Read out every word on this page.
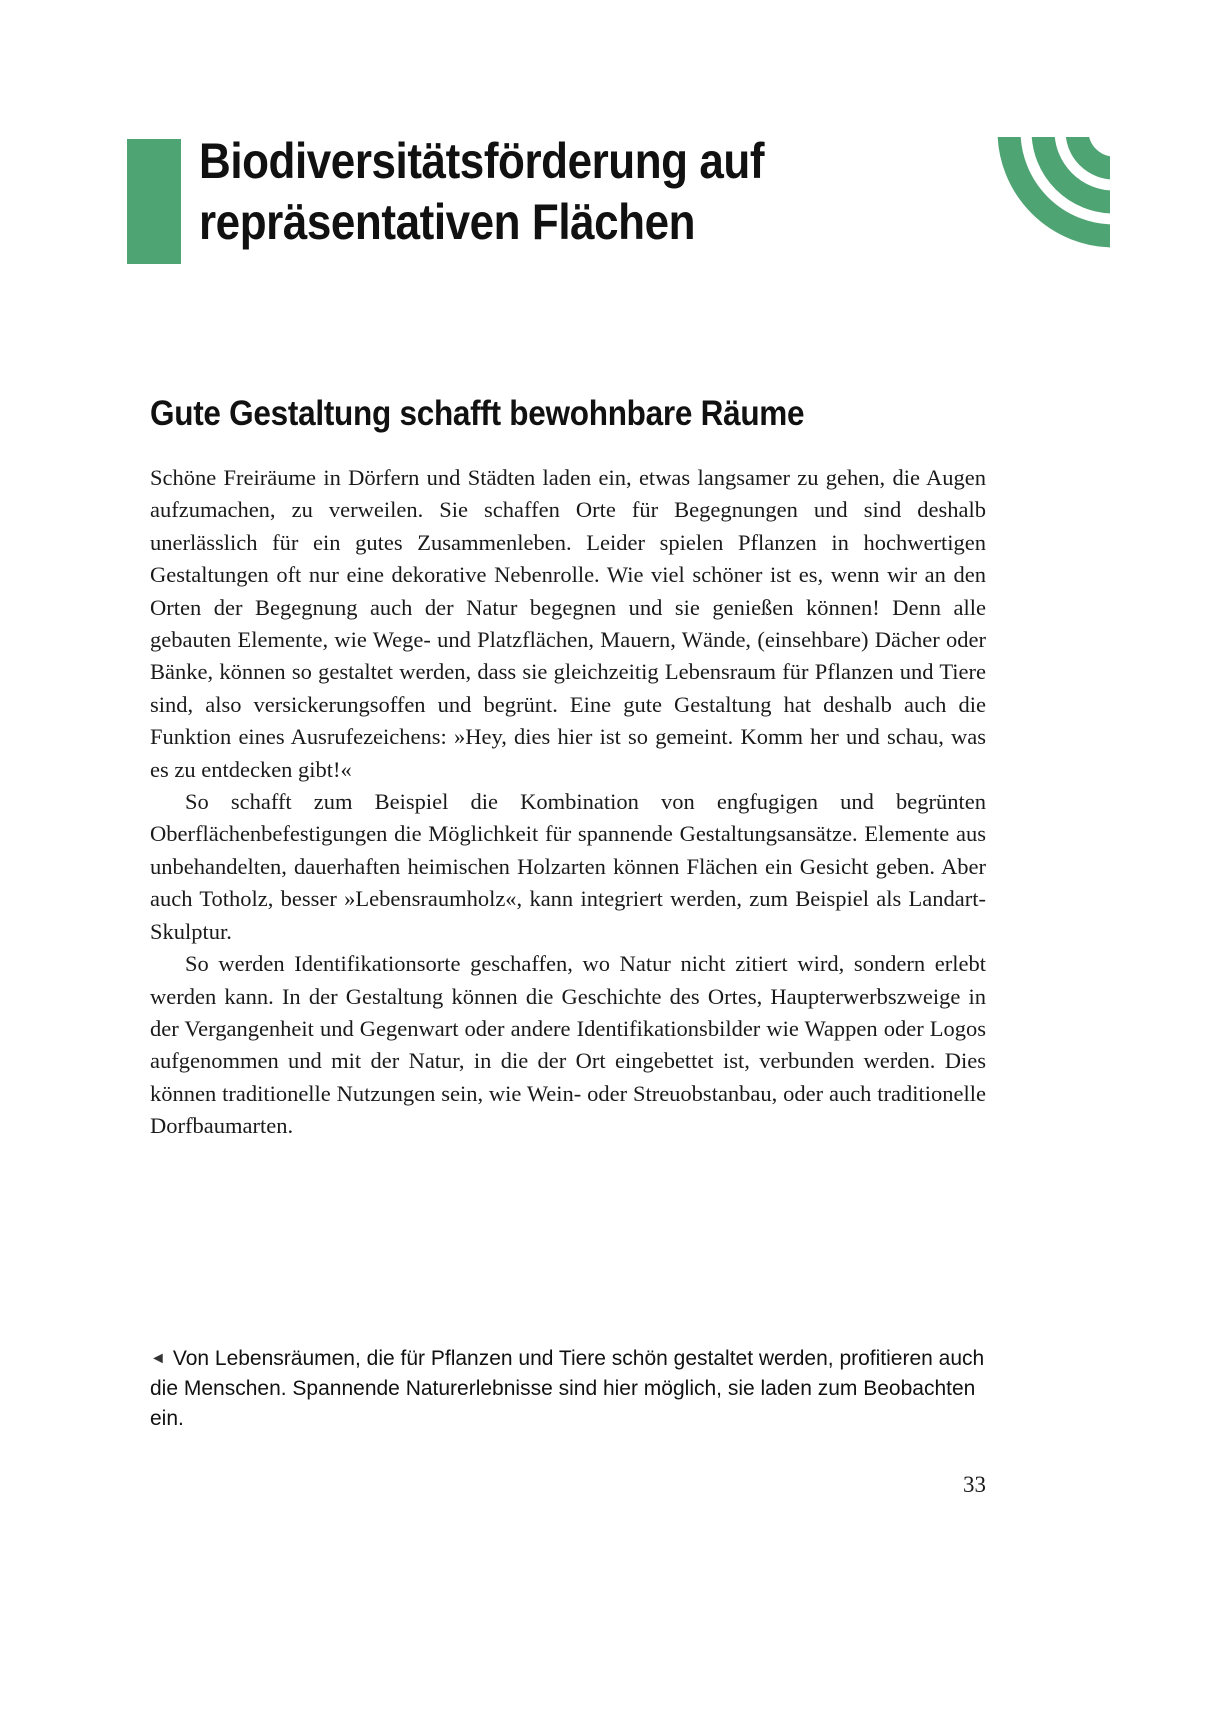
Biodiversitätsförderung auf
repräsentativen Flächen
Gute Gestaltung schafft bewohnbare Räume

Schöne Freiräume in Dörfern und Städten laden ein, etwas langsamer zu gehen, die Augen aufzumachen, zu verweilen. Sie schaffen Orte für Begegnungen und sind deshalb unerlässlich für ein gutes Zusammenleben. Leider spielen Pflanzen in hochwertigen Gestaltungen oft nur eine dekorative Nebenrolle. Wie viel schöner ist es, wenn wir an den Orten der Begegnung auch der Natur begegnen und sie genießen können! Denn alle gebauten Elemente, wie Wege- und Platzflächen, Mauern, Wände, (einsehbare) Dächer oder Bänke, können so gestaltet werden, dass sie gleichzeitig Lebensraum für Pflanzen und Tiere sind, also versickerungsoffen und begrünt. Eine gute Gestaltung hat deshalb auch die Funktion eines Ausrufezeichens: »Hey, dies hier ist so gemeint. Komm her und schau, was es zu entdecken gibt!«

So schafft zum Beispiel die Kombination von engfugigen und begrünten Oberflächenbefestigungen die Möglichkeit für spannende Gestaltungsansätze. Elemente aus unbehandelten, dauerhaften heimischen Holzarten können Flächen ein Gesicht geben. Aber auch Totholz, besser »Lebensraumholz«, kann integriert werden, zum Beispiel als Landart-Skulptur.

So werden Identifikationsorte geschaffen, wo Natur nicht zitiert wird, sondern erlebt werden kann. In der Gestaltung können die Geschichte des Ortes, Haupterwerbszweige in der Vergangenheit und Gegenwart oder andere Identifikationsbilder wie Wappen oder Logos aufgenommen und mit der Natur, in die der Ort eingebettet ist, verbunden werden. Dies können traditionelle Nutzungen sein, wie Wein- oder Streuobstanbau, oder auch traditionelle Dorfbaumarten.

◄ Von Lebensräumen, die für Pflanzen und Tiere schön gestaltet werden, profitieren auch die Menschen. Spannende Naturerlebnisse sind hier möglich, sie laden zum Beobachten ein.
33
